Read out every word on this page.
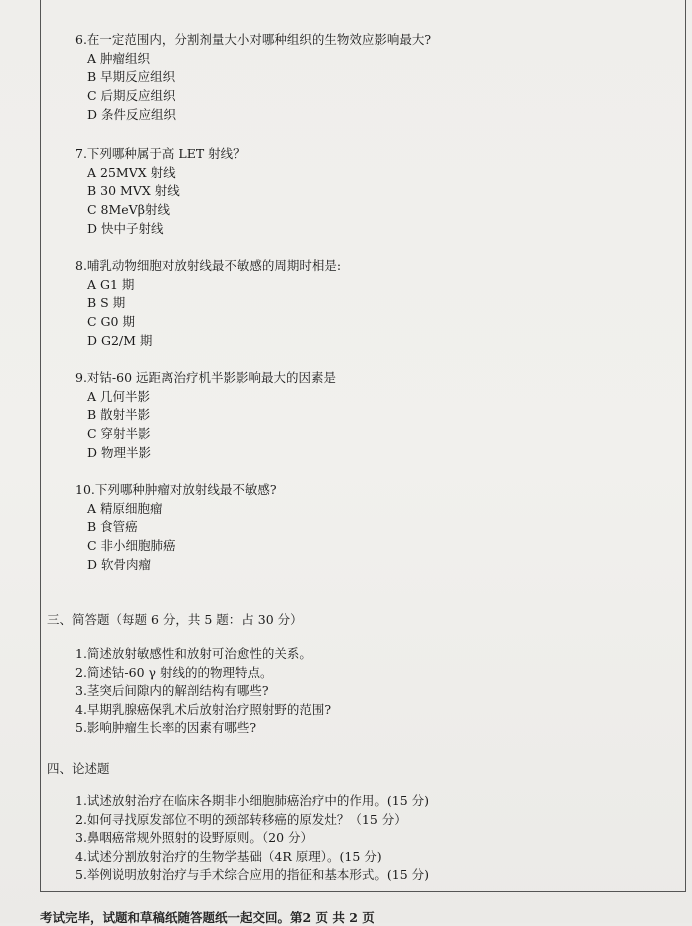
6.在一定范围内，分割剂量大小对哪种组织的生物效应影响最大?
A 肿瘤组织
B 早期反应组织
C 后期反应组织
D 条件反应组织
7.下列哪种属于高 LET 射线？
A 25MVX 射线
B 30 MVX 射线
C 8MeVβ射线
D 快中子射线
8.哺乳动物细胞对放射线最不敏感的周期时相是:
A G1 期
B S 期
C G0 期
D G2/M 期
9.对钴-60 远距离治疗机半影影响最大的因素是
A 几何半影
B 散射半影
C 穿射半影
D 物理半影
10.下列哪种肿瘤对放射线最不敏感?
A 精原细胞瘤
B 食管癌
C 非小细胞肺癌
D 软骨肉瘤
三、简答题（每题 6 分，共 5 题：占 30 分）
1.简述放射敏感性和放射可治愈性的关系。
2.简述钴-60 γ 射线的的物理特点。
3.茎突后间隙内的解剖结构有哪些?
4.早期乳腺癌保乳术后放射治疗照射野的范围?
5.影响肿瘤生长率的因素有哪些?
四、论述题
1.试述放射治疗在临床各期非小细胞肺癌治疗中的作用。(15 分)
2.如何寻找原发部位不明的颈部转移癌的原发灶？（15 分）
3.鼻咽癌常规外照射的设野原则。（20 分）
4.试述分割放射治疗的生物学基础（4R 原理）。(15 分)
5.举例说明放射治疗与手术综合应用的指征和基本形式。(15 分)
考试完毕，试题和草稿纸随答题纸一起交回。第2 页 共 2 页
